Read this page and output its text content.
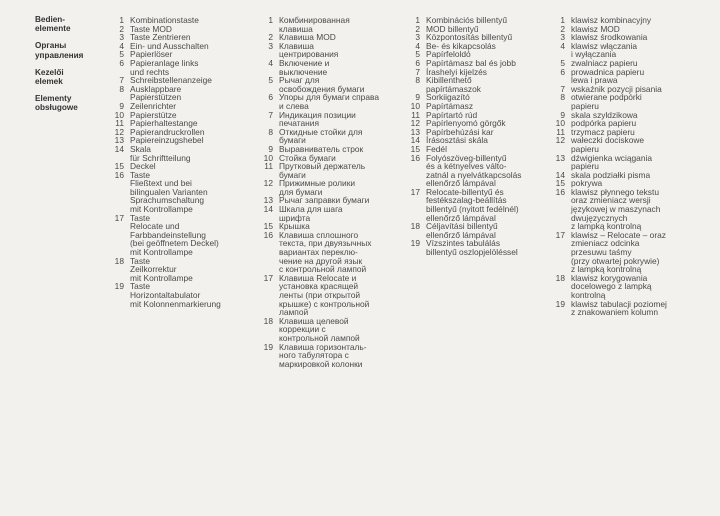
Bedien-
elemente
Органы
управления
Kezelői
elemek
Elementy
obsługowe
1 Kombinationstaste
2 Taste MOD
3 Taste Zentrieren
4 Ein- und Ausschalten
5 Papierlöser
6 Papieranlage links
und rechts
7 Schreibstellenanzeige
8 Ausklappbare
Papierstützen
9 Zeilenrichter
10 Papierstütze
11 Papierhaltestange
12 Papierandruckrollen
13 Papiereinzugshebel
14 Skala
für Schriftteilung
15 Deckel
16 Taste
Fließtext und bei
bilingualen Varianten
Sprachumschaltung
mit Kontrollampe
17 Taste
Relocate und
Farbbandeinstellung
(bei geöffnetem Deckel)
mit Kontrollampe
18 Taste
Zeilkorrektur
mit Kontrollampe
19 Taste
Horizontaltabulator
mit Kolonnenmarkierung
1 Комбинированная
клавиша
2 Клавиша MOD
3 Клавиша
центрирования
4 Включение и
выключение
5 Рычаг для
освобождения бумаги
6 Упоры для бумаги справа
и слева
7 Индикация позиции
печатания
8 Откидные стойки для
бумаги
9 Выравниватель строк
10 Стойка бумаги
11 Прутковый держатель
бумаги
12 Прижимные ролики
для бумаги
13 Рычаг заправки бумаги
14 Шкала для шага
шрифта
15 Крышка
16 Клавиша сплошного
текста, при двуязычных
вариантах переклю-
чение на другой язык
с контрольной лампой
17 Клавиша Relocate и
установка красящей
ленты (при открытой
крышке) с контрольной
лампой
18 Клавиша целевой
коррекции с
контрольной лампой
19 Клавиша горизонталь-
ного табулятора с
маркировкой колонки
1 Kombinációs billentyű
2 MOD billentyű
3 Központosítás billentyű
4 Be- és kikapcsolás
5 Papírfeloldó
6 Papírtámasz bal és jobb
7 Írashelyi kijelzés
8 Kibillenthető
papírtámaszok
9 Sorkiigazító
10 Papírtámasz
11 Papírtartó rúd
12 Papírlenyomó görgők
13 Papírbehúzási kar
14 Írásosztási skála
15 Fedél
16 Folyószöveg-billentyű
és a kétnyelves válto-
zatnál a nyelvátkapcsolás
ellenőrző lámpával
17 Relocate-billentyű és
festékszalag-beállítás
billentyű (nyitott fedélnél)
ellenőrző lámpával
18 Céljavítási billentyű
ellenőrző lámpával
19 Vízszintes tabulálás
billentyű oszlopjelöléssel
1 klawisz kombinacyjny
2 klawisz MOD
3 klawisz środkowania
4 klawisz włączania
i wyłączania
5 zwalniacz papieru
6 prowadnica papieru
lewa i prawa
7 wskaźnik pozycji pisania
8 otwierane podpórki
papieru
9 skala szyldzikowa
10 podpórka papieru
11 trzymacz papieru
12 wałeczki dociskowe
papieru
13 dźwigienka wciągania
papieru
14 skala podziałki pisma
15 pokrywa
16 klawisz płynnego tekstu
oraz zmieniacz wersji
językowej w maszynach
dwujęzycznych
z lampką kontrolną
17 klawisz – Relocate – oraz
zmieniacz odcinka
przesuwu taśmy
(przy otwartej pokrywie)
z lampką kontrolną
18 klawisz korygowania
docelowego z lampką
kontrolną
19 klawisz tabulacji poziomej
z znakowaniem kolumn
